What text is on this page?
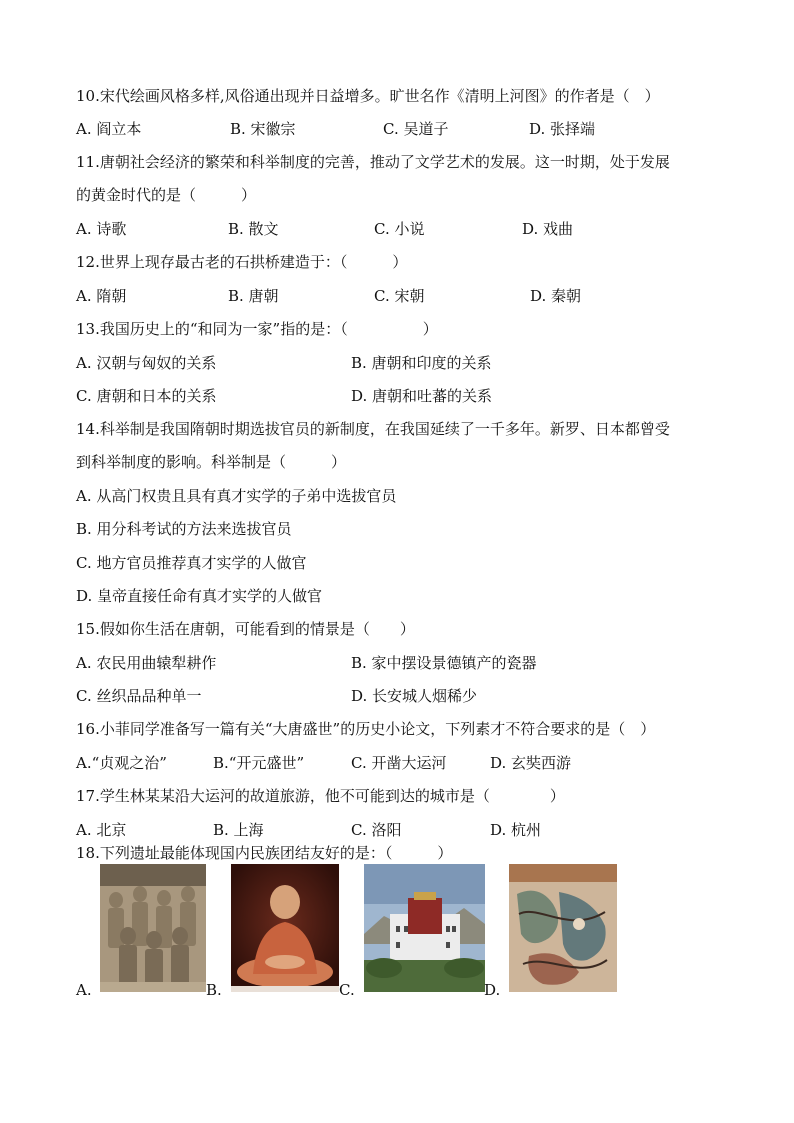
10.宋代绘画风格多样,风俗通出现并日益增多。旷世名作《清明上河图》的作者是（　）
A. 阎立本	B. 宋徽宗	C. 吴道子	D. 张择端
11.唐朝社会经济的繁荣和科举制度的完善，推动了文学艺术的发展。这一时期，处于发展
的黄金时代的是（　　　）
A. 诗歌	B. 散文	C. 小说	D. 戏曲
12.世界上现存最古老的石拱桥建造于：（　　　）
A. 隋朝	B. 唐朝	C. 宋朝	D. 秦朝
13.我国历史上的“和同为一家”指的是：（　　　　　）
A. 汉朝与匈奴的关系	B. 唐朝和印度的关系
C. 唐朝和日本的关系	D. 唐朝和吐蕃的关系
14.科举制是我国隋朝时期选拔官员的新制度，在我国延续了一千多年。新罗、日本都曾受
到科举制度的影响。科举制是（　　　）
A. 从高门权贵且具有真才实学的子弟中选拔官员
B. 用分科考试的方法来选拔官员
C. 地方官员推荐真才实学的人做官
D. 皇帝直接任命有真才实学的人做官
15.假如你生活在唐朝，可能看到的情景是（　　）
A. 农民用曲辕犁耕作	B. 家中摆设景德镇产的瓷器
C. 丝织品品种单一	D. 长安城人烟稀少
16.小菲同学准备写一篇有关“大唐盛世”的历史小论文，下列素才不符合要求的是（　）
A.“贞观之治”	B.“开元盛世”	C. 开凿大运河	D. 玄奘西游
17.学生林某某沿大运河的故道旅游，他不可能到达的城市是（　　　　）
A. 北京	B. 上海	C. 洛阳	D. 杭州
18.下列遗址最能体现国内民族团结友好的是：（　　　）
A.	B.	C.	D.
